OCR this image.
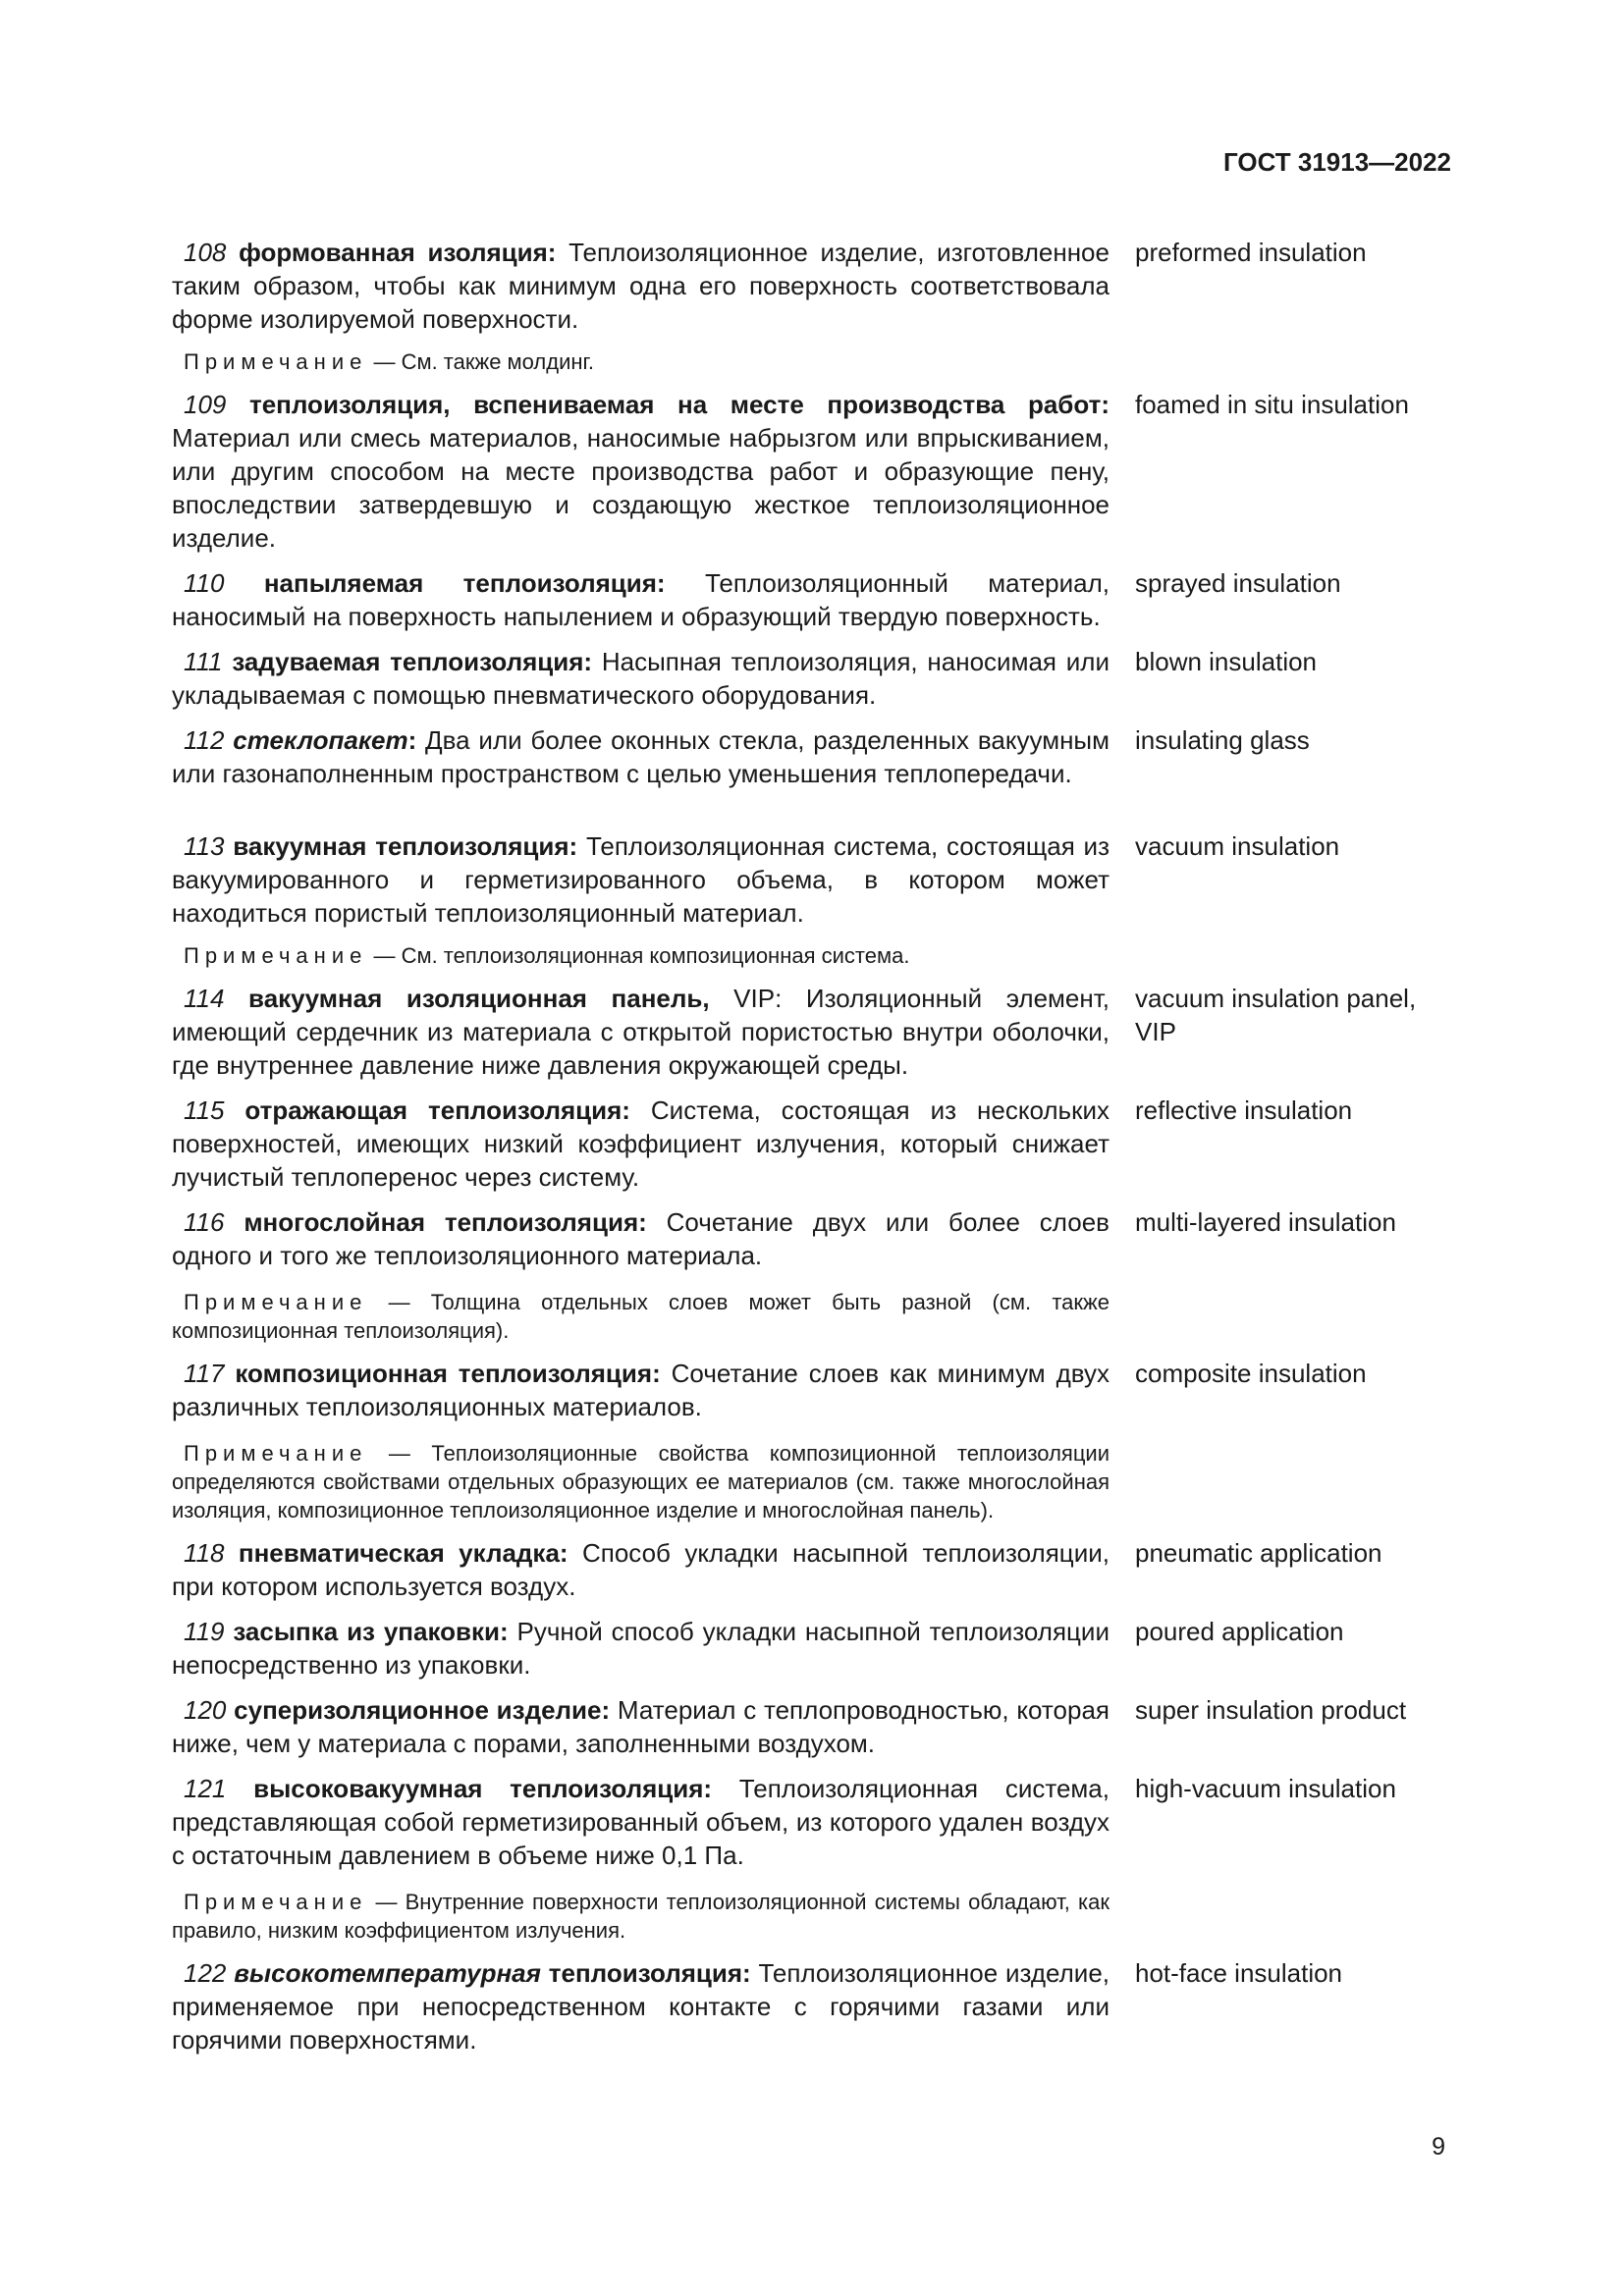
ГОСТ 31913—2022
108 формованная изоляция: Теплоизоляционное изделие, изготовленное таким образом, чтобы как минимум одна его поверхность соответствовала форме изолируемой поверхности.
preformed insulation
Примечание — См. также молдинг.
109 теплоизоляция, вспениваемая на месте производства работ: Материал или смесь материалов, наносимые набрызгом или впрыскиванием, или другим способом на месте производства работ и образующие пену, впоследствии затвердевшую и создающую жесткое теплоизоляционное изделие.
foamed in situ insulation
110 напыляемая теплоизоляция: Теплоизоляционный материал, наносимый на поверхность напылением и образующий твердую поверхность.
sprayed insulation
111 задуваемая теплоизоляция: Насыпная теплоизоляция, наносимая или укладываемая с помощью пневматического оборудования.
blown insulation
112 стеклопакет: Два или более оконных стекла, разделенных вакуумным или газонаполненным пространством с целью уменьшения теплопередачи.
insulating glass
113 вакуумная теплоизоляция: Теплоизоляционная система, состоящая из вакуумированного и герметизированного объема, в котором может находиться пористый теплоизоляционный материал.
vacuum insulation
Примечание — См. теплоизоляционная композиционная система.
114 вакуумная изоляционная панель, VIP: Изоляционный элемент, имеющий сердечник из материала с открытой пористостью внутри оболочки, где внутреннее давление ниже давления окружающей среды.
vacuum insulation panel, VIP
115 отражающая теплоизоляция: Система, состоящая из нескольких поверхностей, имеющих низкий коэффициент излучения, который снижает лучистый теплоперенос через систему.
reflective insulation
116 многослойная теплоизоляция: Сочетание двух или более слоев одного и того же теплоизоляционного материала.
multi-layered insulation
Примечание — Толщина отдельных слоев может быть разной (см. также композиционная теплоизоляция).
117 композиционная теплоизоляция: Сочетание слоев как минимум двух различных теплоизоляционных материалов.
composite insulation
Примечание — Теплоизоляционные свойства композиционной теплоизоляции определяются свойствами отдельных образующих ее материалов (см. также многослойная изоляция, композиционное теплоизоляционное изделие и многослойная панель).
118 пневматическая укладка: Способ укладки насыпной теплоизоляции, при котором используется воздух.
pneumatic application
119 засыпка из упаковки: Ручной способ укладки насыпной теплоизоляции непосредственно из упаковки.
poured application
120 суперизоляционное изделие: Материал с теплопроводностью, которая ниже, чем у материала с порами, заполненными воздухом.
super insulation product
121 высоковакуумная теплоизоляция: Теплоизоляционная система, представляющая собой герметизированный объем, из которого удален воздух с остаточным давлением в объеме ниже 0,1 Па.
high-vacuum insulation
Примечание — Внутренние поверхности теплоизоляционной системы обладают, как правило, низким коэффициентом излучения.
122 высокотемпературная теплоизоляция: Теплоизоляционное изделие, применяемое при непосредственном контакте с горячими газами или горячими поверхностями.
hot-face insulation
9
